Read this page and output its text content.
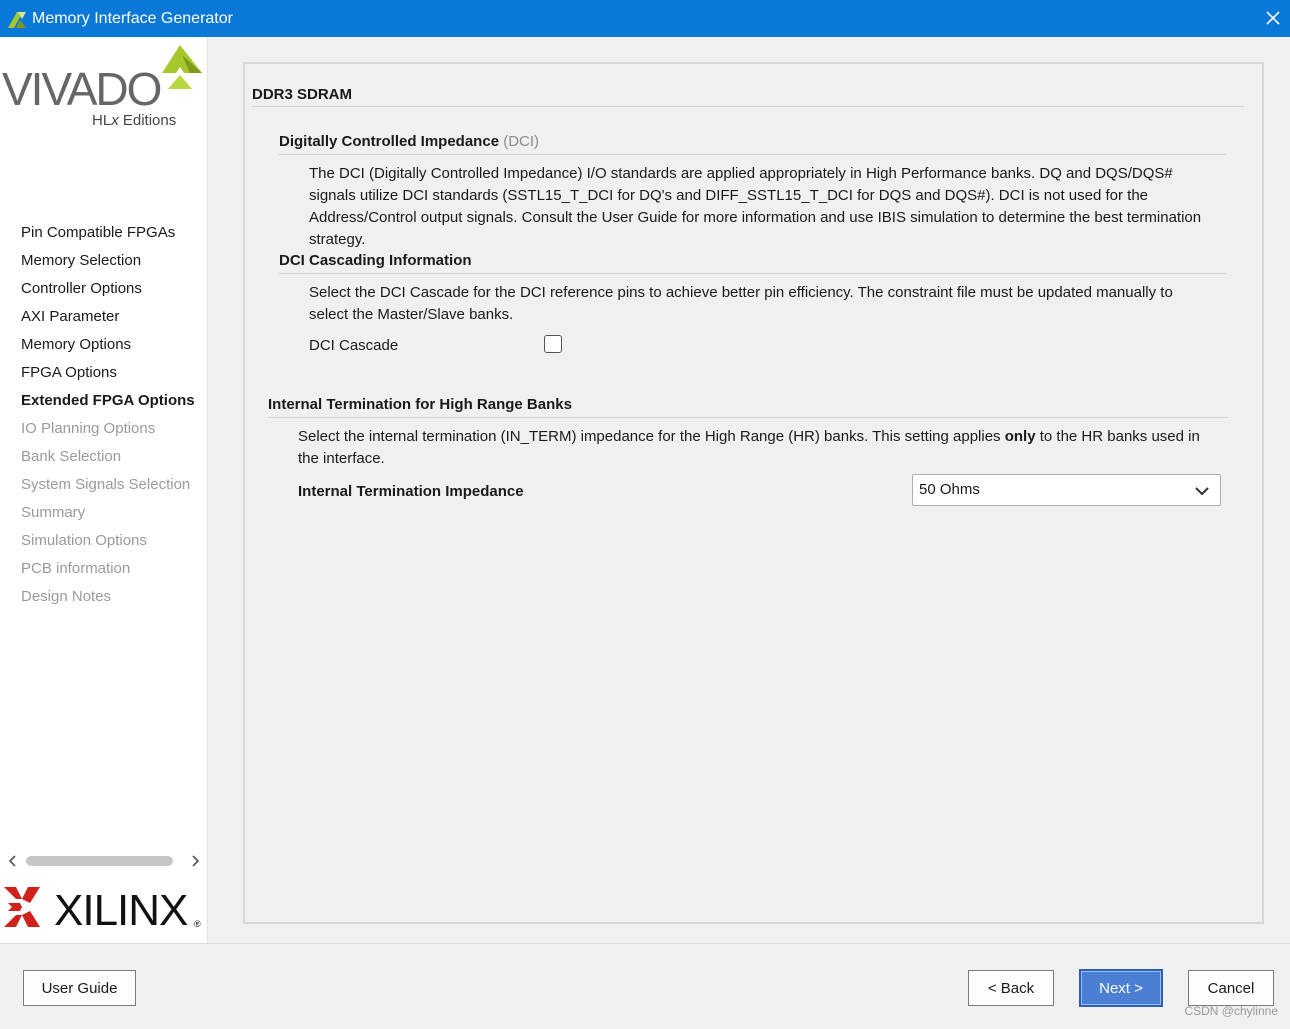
Memory Interface Generator
VIVADO
HLx Editions
Pin Compatible FPGAs
Memory Selection
Controller Options
AXI Parameter
Memory Options
FPGA Options
Extended FPGA Options
IO Planning Options
Bank Selection
System Signals Selection
Summary
Simulation Options
PCB information
Design Notes
XILINX ®
DDR3 SDRAM
Digitally Controlled Impedance (DCI)
The DCI (Digitally Controlled Impedance) I/O standards are applied appropriately in High Performance banks. DQ and DQS/DQS# signals utilize DCI standards (SSTL15_T_DCI for DQ's and DIFF_SSTL15_T_DCI for DQS and DQS#). DCI is not used for the Address/Control output signals. Consult the User Guide for more information and use IBIS simulation to determine the best termination strategy.
DCI Cascading Information
Select the DCI Cascade for the DCI reference pins to achieve better pin efficiency. The constraint file must be updated manually to select the Master/Slave banks.
DCI Cascade
Internal Termination for High Range Banks
Select the internal termination (IN_TERM) impedance for the High Range (HR) banks. This setting applies only to the HR banks used in the interface.
Internal Termination Impedance	50 Ohms
User Guide	< Back	Next >	Cancel
CSDN @chylinne
